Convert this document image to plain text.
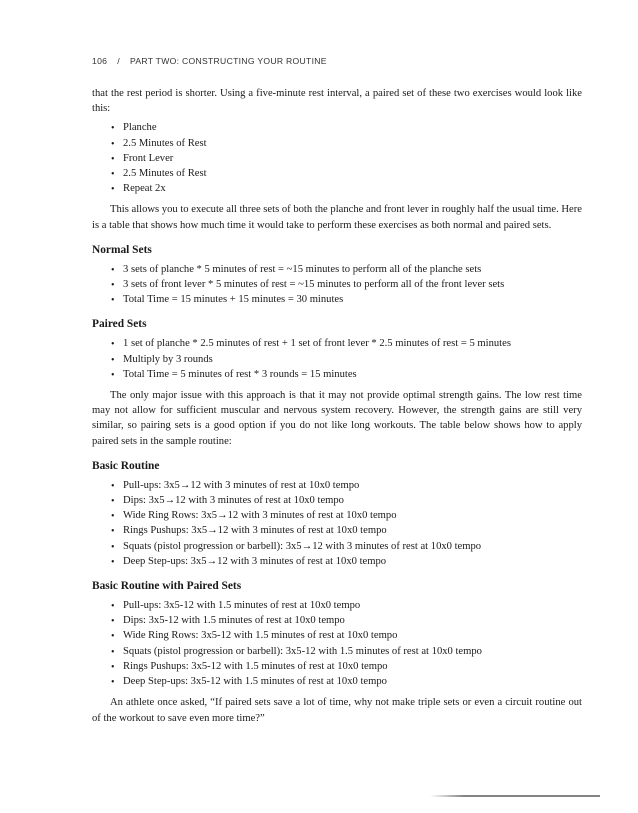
106 / PART TWO: CONSTRUCTING YOUR ROUTINE

that the rest period is shorter. Using a five-minute rest interval, a paired set of these two exercises would look like this:

• Planche
• 2.5 Minutes of Rest
• Front Lever
• 2.5 Minutes of Rest
• Repeat 2x

This allows you to execute all three sets of both the planche and front lever in roughly half the usual time. Here is a table that shows how much time it would take to perform these exercises as both normal and paired sets.

Normal Sets
• 3 sets of planche * 5 minutes of rest = ~15 minutes to perform all of the planche sets
• 3 sets of front lever * 5 minutes of rest = ~15 minutes to perform all of the front lever sets
• Total Time = 15 minutes + 15 minutes = 30 minutes
Paired Sets
• 1 set of planche * 2.5 minutes of rest + 1 set of front lever * 2.5 minutes of rest = 5 minutes
• Multiply by 3 rounds
• Total Time = 5 minutes of rest * 3 rounds = 15 minutes

The only major issue with this approach is that it may not provide optimal strength gains. The low rest time may not allow for sufficient muscular and nervous system recovery. However, the strength gains are still very similar, so pairing sets is a good option if you do not like long workouts. The table below shows how to apply paired sets in the sample routine:

Basic Routine
• Pull-ups: 3x5→12 with 3 minutes of rest at 10x0 tempo
• Dips: 3x5→12 with 3 minutes of rest at 10x0 tempo
• Wide Ring Rows: 3x5→12 with 3 minutes of rest at 10x0 tempo
• Rings Pushups: 3x5→12 with 3 minutes of rest at 10x0 tempo
• Squats (pistol progression or barbell): 3x5→12 with 3 minutes of rest at 10x0 tempo
• Deep Step-ups: 3x5→12 with 3 minutes of rest at 10x0 tempo
Basic Routine with Paired Sets
• Pull-ups: 3x5-12 with 1.5 minutes of rest at 10x0 tempo
• Dips: 3x5-12 with 1.5 minutes of rest at 10x0 tempo
• Wide Ring Rows: 3x5-12 with 1.5 minutes of rest at 10x0 tempo
• Squats (pistol progression or barbell): 3x5-12 with 1.5 minutes of rest at 10x0 tempo
• Rings Pushups: 3x5-12 with 1.5 minutes of rest at 10x0 tempo
• Deep Step-ups: 3x5-12 with 1.5 minutes of rest at 10x0 tempo

An athlete once asked, “If paired sets save a lot of time, why not make triple sets or even a circuit routine out of the workout to save even more time?”
